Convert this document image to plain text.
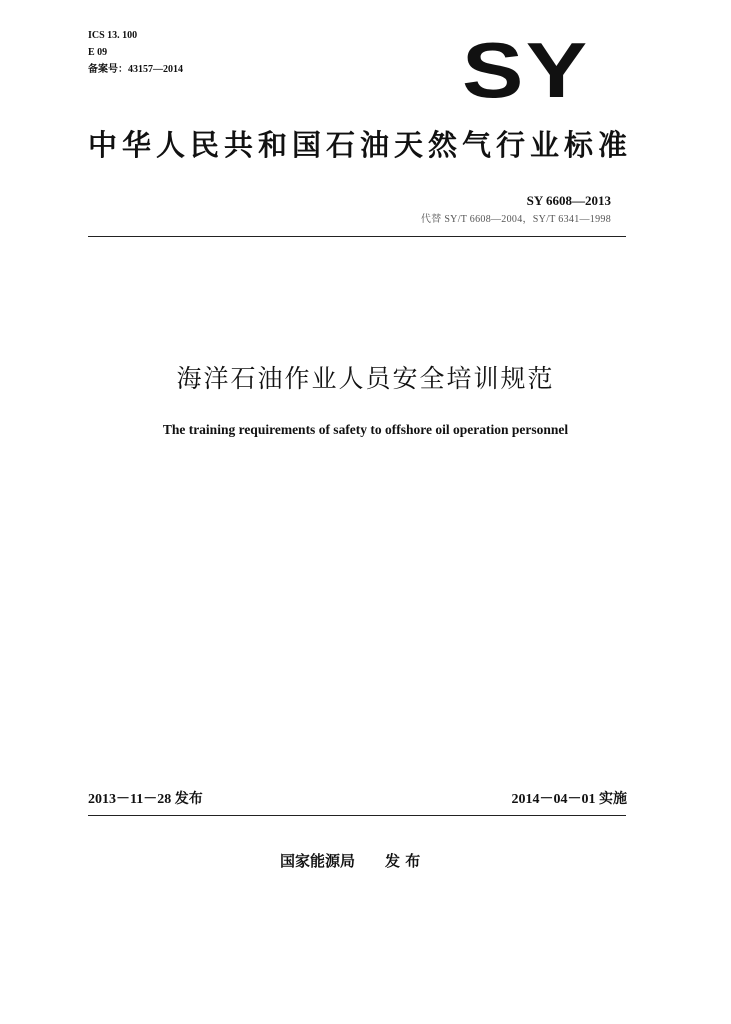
ICS 13. 100
E 09
备案号：43157—2014	SY
中华人民共和国石油天然气行业标准
SY 6608—2013
代替 SY/T 6608—2004，SY/T 6341—1998
海洋石油作业人员安全培训规范
The training requirements of safety to offshore oil operation personnel
2013－11－28 发布	2014－04－01 实施
国家能源局 发 布
